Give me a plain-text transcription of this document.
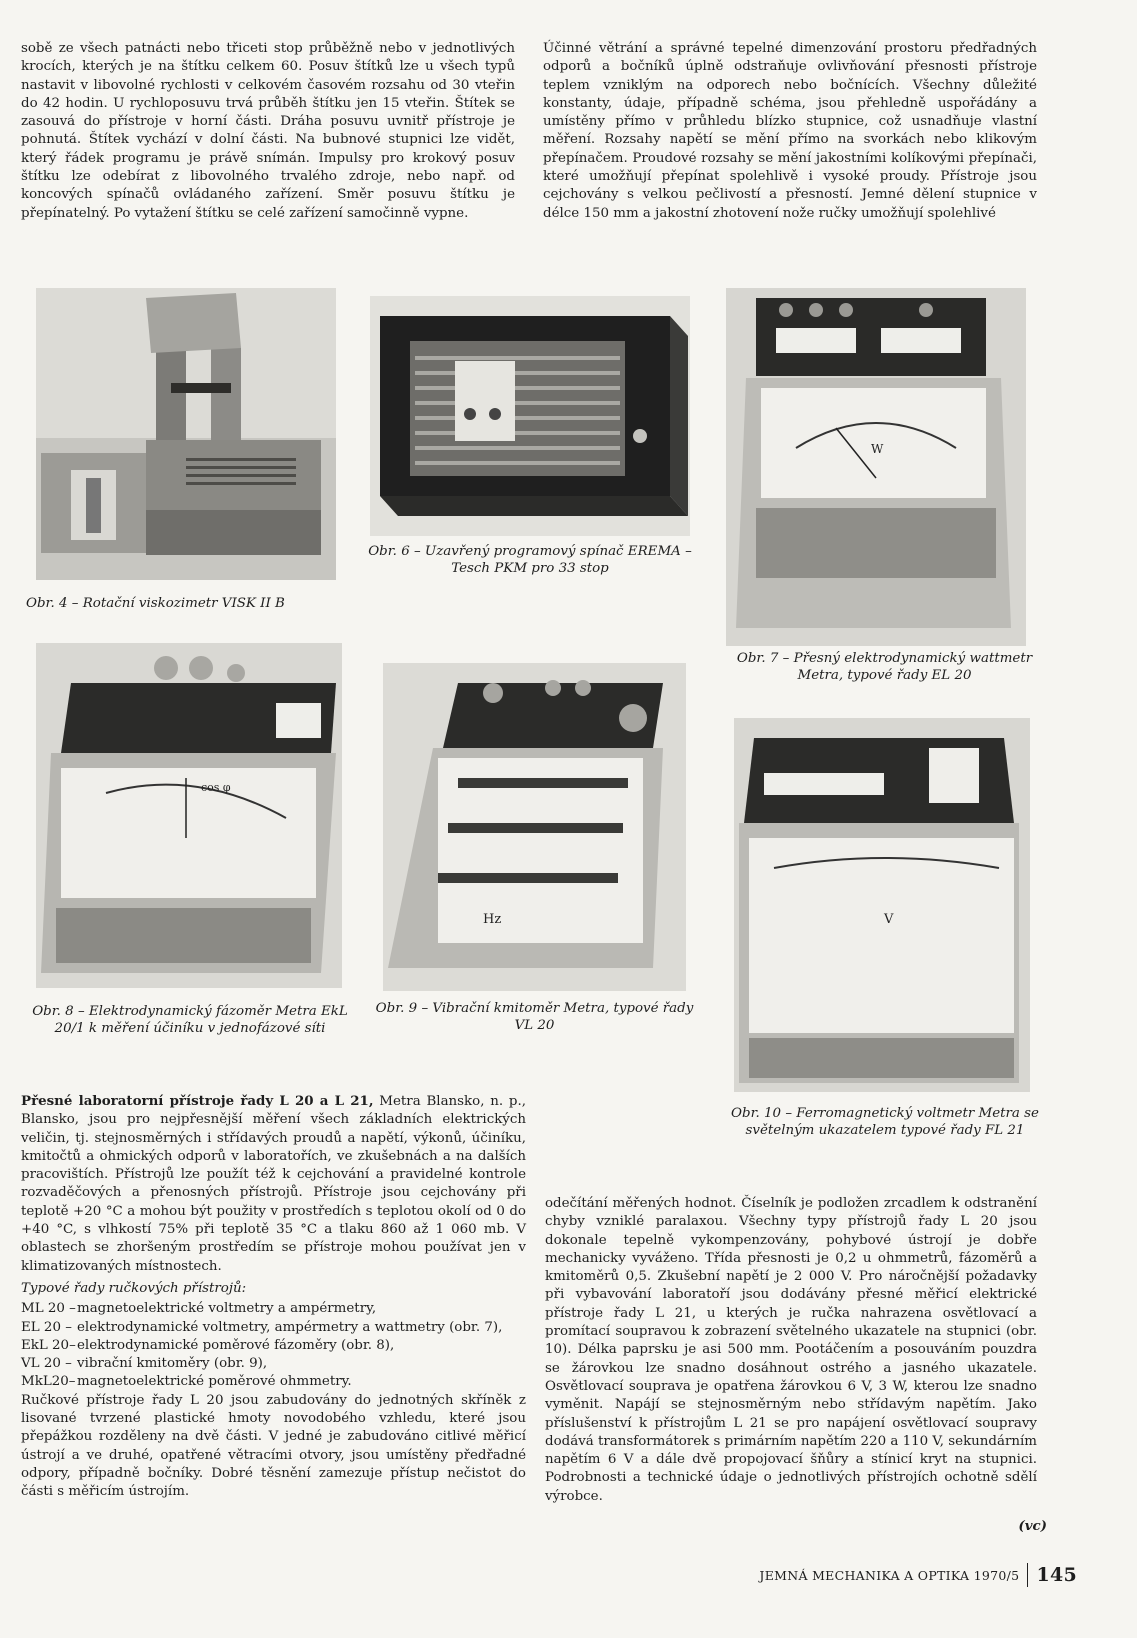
sobě ze všech patnácti nebo třiceti stop průběžně nebo v jednotlivých krocích, kterých je na štítku celkem 60. Posuv štítků lze u všech typů nastavit v libovolné rychlosti v celkovém časovém rozsahu od 30 vteřin do 42 hodin. U rychloposuvu trvá průběh štítku jen 15 vteřin. Štítek se zasouvá do přístroje v horní části. Dráha posuvu uvnitř přístroje je pohnutá. Štítek vychází v dolní části. Na bubnové stupnici lze vidět, který řádek programu je právě snímán. Impulsy pro krokový posuv štítku lze odebírat z libovolného trvalého zdroje, nebo např. od koncových spínačů ovládaného zařízení. Směr posuvu štítku je přepínatelný. Po vytažení štítku se celé zařízení samočinně vypne.

Účinné větrání a správné tepelné dimenzování prostoru předřadných odporů a bočníků úplně odstraňuje ovlivňování přesnosti přístroje teplem vzniklým na odporech nebo bočnících. Všechny důležité konstanty, údaje, případně schéma, jsou přehledně uspořádány a umístěny přímo v průhledu blízko stupnice, což usnadňuje vlastní měření. Rozsahy napětí se mění přímo na svorkách nebo klikovým přepínačem. Proudové rozsahy se mění jakostními kolíkovými přepínači, které umožňují přepínat spolehlivě i vysoké proudy. Přístroje jsou cejchovány s velkou pečlivostí a přesností. Jemné dělení stupnice v délce 150 mm a jakostní zhotovení nože ručky umožňují spolehlivé

Obr. 4 – Rotační viskozimetr VISK II B
Obr. 6 – Uzavřený programový spínač EREMA – Tesch PKM pro 33 stop
W
Obr. 7 – Přesný elektrodynamický wattmetr Metra, typové řady EL 20
cos φ
Obr. 8 – Elektrodynamický fázoměr Metra EkL 20/1 k měření účiníku v jednofázové síti
Hz
Obr. 9 – Vibrační kmitoměr Metra, typové řady VL 20
V
Obr. 10 – Ferromagnetický voltmetr Metra se světelným ukazatelem typové řady FL 21

Přesné laboratorní přístroje řady L 20 a L 21, Metra Blansko, n. p., Blansko, jsou pro nejpřesnější měření všech základních elektrických veličin, tj. stejnosměrných i střídavých proudů a napětí, výkonů, účiníku, kmitočtů a ohmických odporů v laboratořích, ve zkušebnách a na dalších pracovištích. Přístrojů lze použít též k cejchování a pravidelné kontrole rozvaděčových a přenosných přístrojů. Přístroje jsou cejchovány při teplotě +20 °C a mohou být použity v prostředích s teplotou okolí od 0 do +40 °C, s vlhkostí 75% při teplotě 35 °C a tlaku 860 až 1 060 mb. V oblastech se zhoršeným prostředím se přístroje mohou používat jen v klimatizovaných místnostech.

Typové řady ručkových přístrojů:

ML 20 – magnetoelektrické voltmetry a ampérmetry,
EL 20 – elektrodynamické voltmetry, ampérmetry a wattmetry (obr. 7),
EkL 20– elektrodynamické poměrové fázoměry (obr. 8),
VL 20 – vibrační kmitoměry (obr. 9),
MkL20– magnetoelektrické poměrové ohmmetry.

Ručkové přístroje řady L 20 jsou zabudovány do jednotných skříněk z lisované tvrzené plastické hmoty novodobého vzhledu, které jsou přepážkou rozděleny na dvě části. V jedné je zabudováno citlivé měřicí ústrojí a ve druhé, opatřené větracími otvory, jsou umístěny předřadné odpory, případně bočníky. Dobré těsnění zamezuje přístup nečistot do části s měřicím ústrojím.

odečítání měřených hodnot. Číselník je podložen zrcadlem k odstranění chyby vzniklé paralaxou. Všechny typy přístrojů řady L 20 jsou dokonale tepelně vykompenzovány, pohybové ústrojí je dobře mechanicky vyváženo. Třída přesnosti je 0,2 u ohmmetrů, fázoměrů a kmitoměrů 0,5. Zkušební napětí je 2 000 V. Pro náročnější požadavky při vybavování laboratoří jsou dodávány přesné měřicí elektrické přístroje řady L 21, u kterých je ručka nahrazena osvětlovací a promítací soupravou k zobrazení světelného ukazatele na stupnici (obr. 10). Délka paprsku je asi 500 mm. Pootáčením a posouváním pouzdra se žárovkou lze snadno dosáhnout ostrého a jasného ukazatele. Osvětlovací souprava je opatřena žárovkou 6 V, 3 W, kterou lze snadno vyměnit. Napájí se stejnosměrným nebo střídavým napětím. Jako příslušenství k přístrojům L 21 se pro napájení osvětlovací soupravy dodává transformátorek s primárním napětím 220 a 110 V, sekundárním napětím 6 V a dále dvě propojovací šňůry a stínicí kryt na stupnici. Podrobnosti a technické údaje o jednotlivých přístrojích ochotně sdělí výrobce.

(vc)
JEMNÁ MECHANIKA A OPTIKA 1970/5 145
